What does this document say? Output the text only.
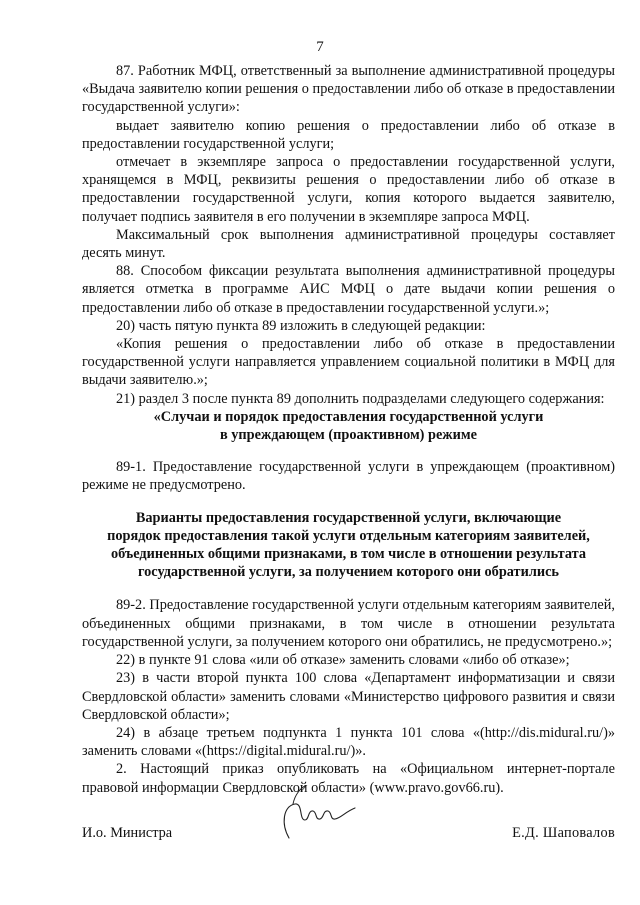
7

87. Работник МФЦ, ответственный за выполнение административной процедуры «Выдача заявителю копии решения о предоставлении либо об отказе в предоставлении государственной услуги»:

выдает заявителю копию решения о предоставлении либо об отказе в предоставлении государственной услуги;

отмечает в экземпляре запроса о предоставлении государственной услуги, хранящемся в МФЦ, реквизиты решения о предоставлении либо об отказе в предоставлении государственной услуги, копия которого выдается заявителю, получает подпись заявителя в его получении в экземпляре запроса МФЦ.

Максимальный срок выполнения административной процедуры составляет десять минут.

88. Способом фиксации результата выполнения административной процедуры является отметка в программе АИС МФЦ о дате выдачи копии решения о предоставлении либо об отказе в предоставлении государственной услуги.»;

20) часть пятую пункта 89 изложить в следующей редакции:

«Копия решения о предоставлении либо об отказе в предоставлении государственной услуги направляется управлением социальной политики в МФЦ для выдачи заявителю.»;

21) раздел 3 после пункта 89 дополнить подразделами следующего содержания:

«Случаи и порядок предоставления государственной услуги
в упреждающем (проактивном) режиме

89-1. Предоставление государственной услуги в упреждающем (проактивном) режиме не предусмотрено.

Варианты предоставления государственной услуги, включающие
порядок предоставления такой услуги отдельным категориям заявителей,
объединенных общими признаками, в том числе в отношении результата
государственной услуги, за получением которого они обратились

89-2. Предоставление государственной услуги отдельным категориям заявителей, объединенных общими признаками, в том числе в отношении результата государственной услуги, за получением которого они обратились, не предусмотрено.»;

22) в пункте 91 слова «или об отказе» заменить словами «либо об отказе»;

23) в части второй пункта 100 слова «Департамент информатизации и связи Свердловской области» заменить словами «Министерство цифрового развития и связи Свердловской области»;

24) в абзаце третьем подпункта 1 пункта 101 слова «(http://dis.midural.ru/)» заменить словами «(https://digital.midural.ru/)».

2. Настоящий приказ опубликовать на «Официальном интернет-портале правовой информации Свердловской области» (www.pravo.gov66.ru).

И.о. Министра	Е.Д. Шаповалов
